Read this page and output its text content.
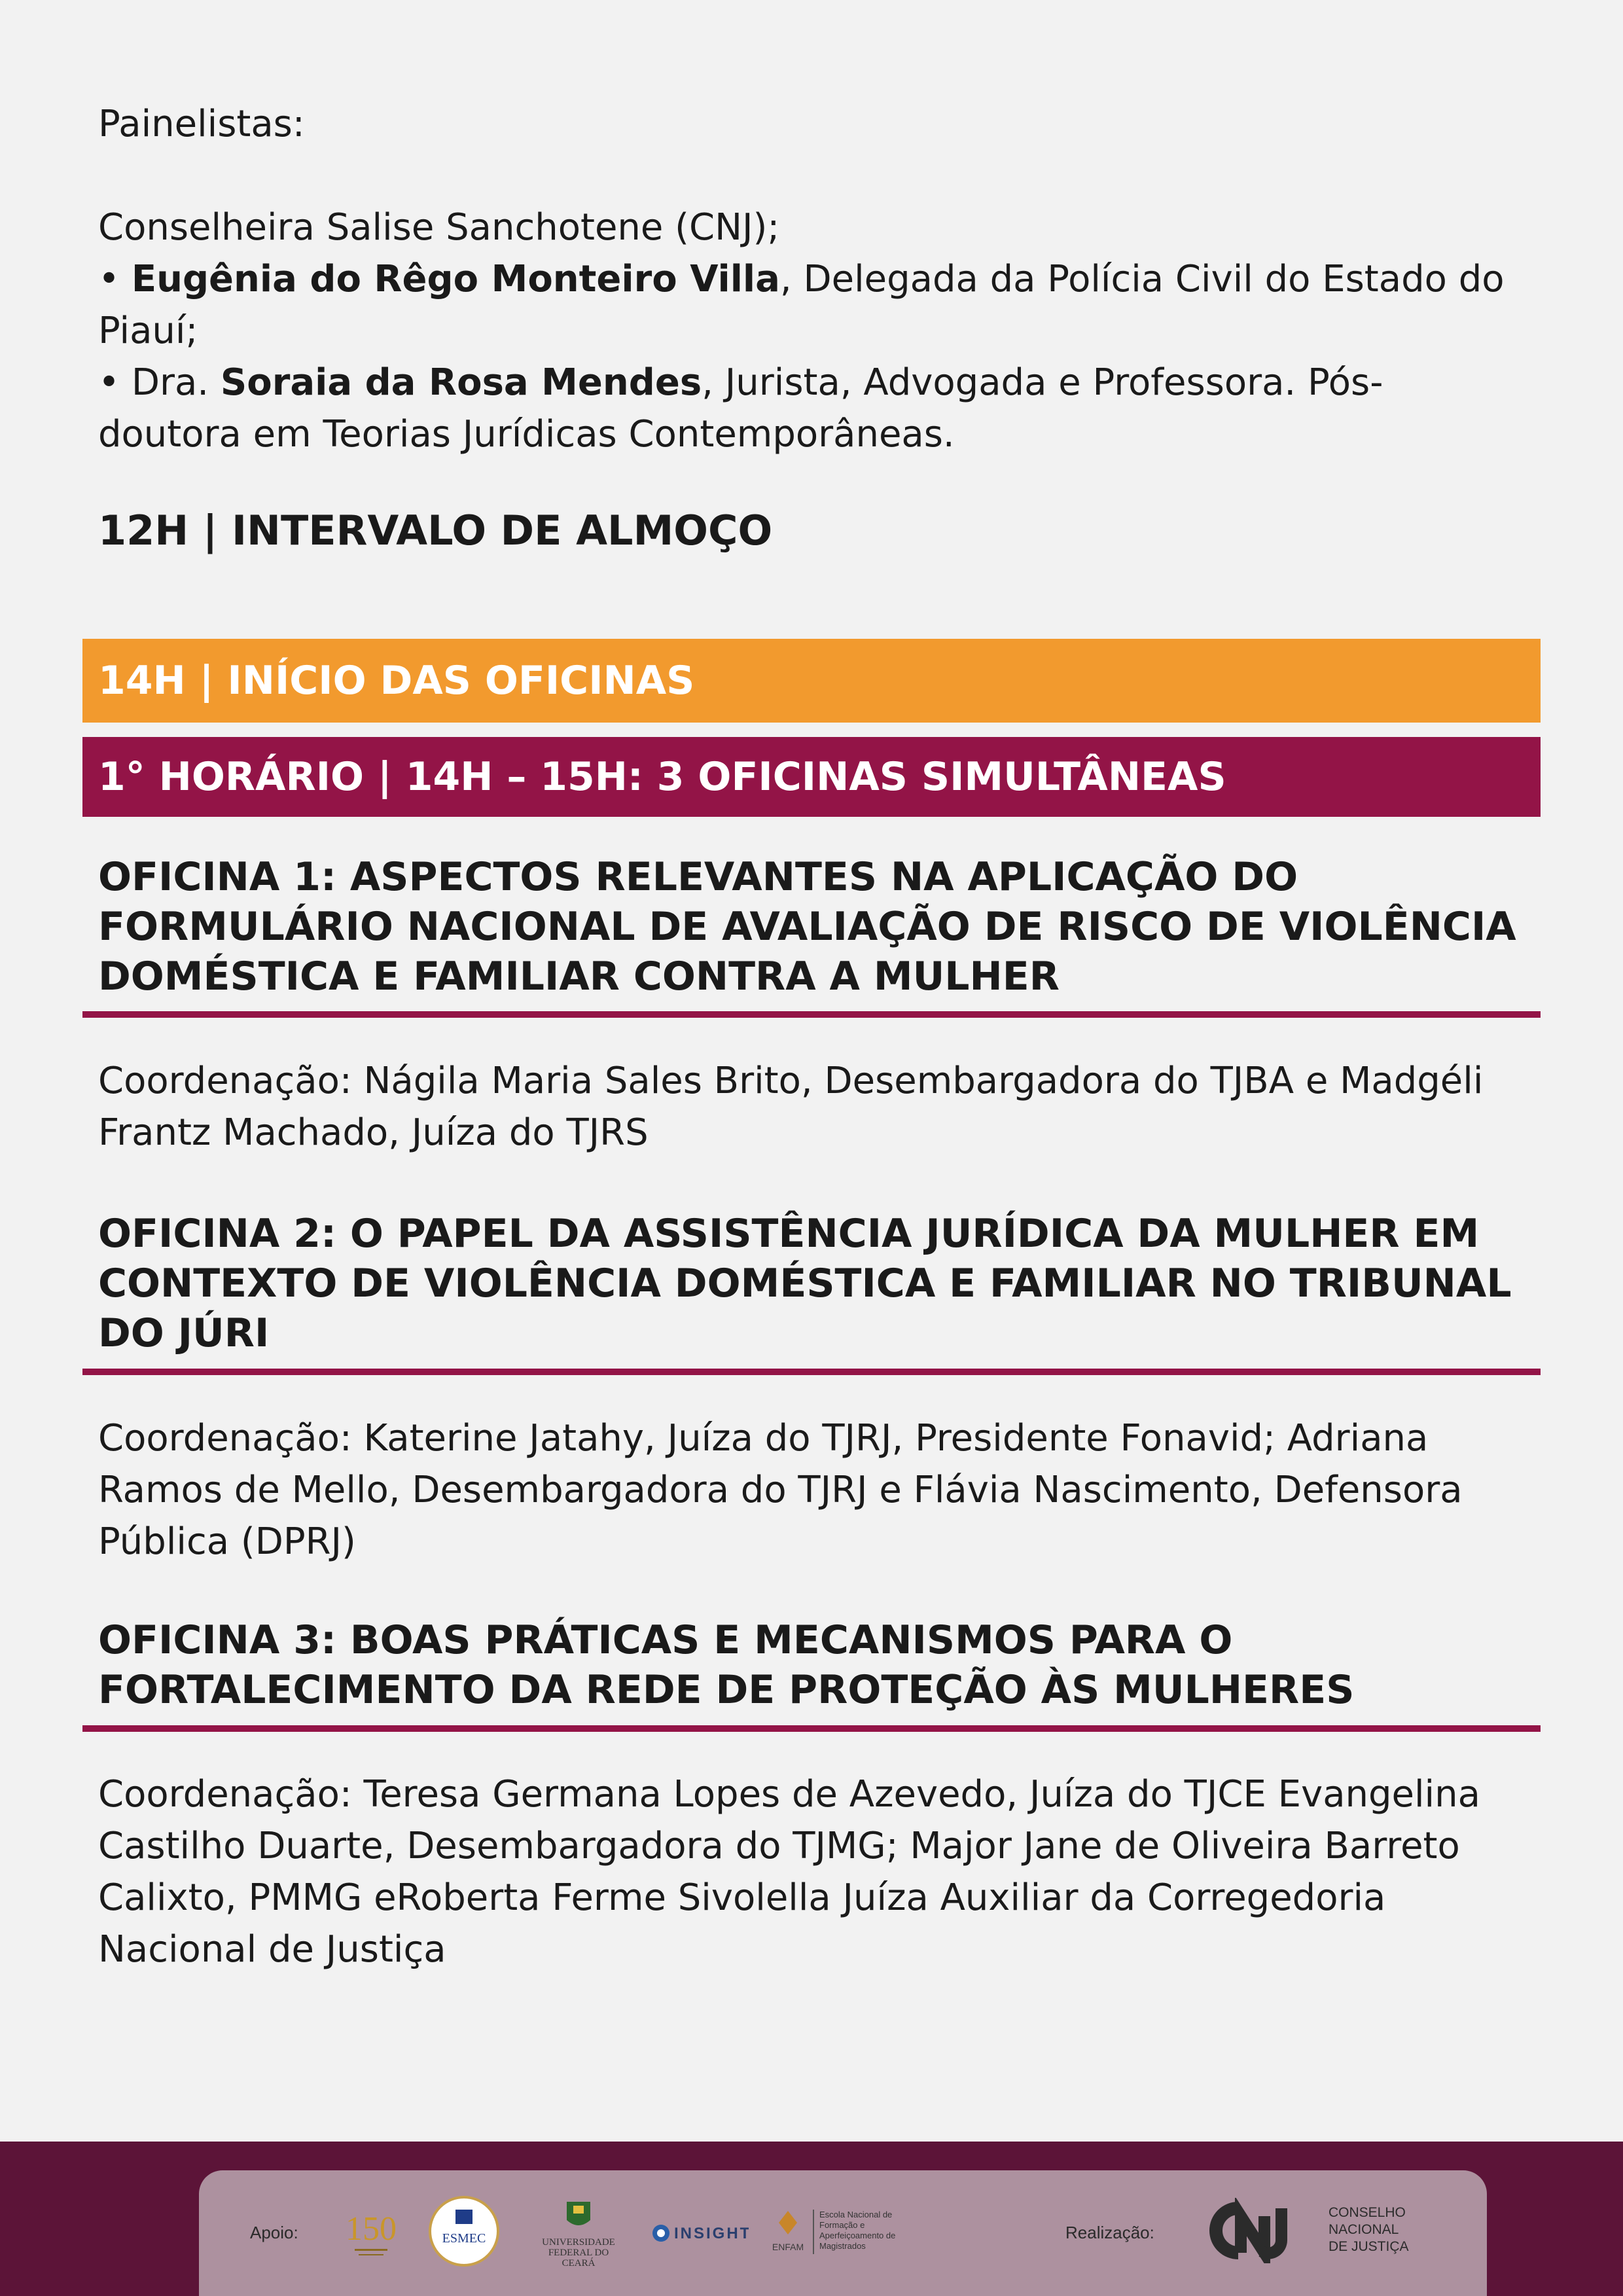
Painelistas:

Conselheira Salise Sanchotene (CNJ);

• Eugênia do Rêgo Monteiro Villa, Delegada da Polícia Civil do Estado do Piauí;

• Dra. Soraia da Rosa Mendes, Jurista, Advogada e Professora. Pós-doutora em Teorias Jurídicas Contemporâneas.

12H | INTERVALO DE ALMOÇO

14H | INÍCIO DAS OFICINAS
1° HORÁRIO | 14H – 15H: 3 OFICINAS SIMULTÂNEAS

OFICINA 1: ASPECTOS RELEVANTES NA APLICAÇÃO DO FORMULÁRIO NACIONAL DE AVALIAÇÃO DE RISCO DE VIOLÊNCIA DOMÉSTICA E FAMILIAR CONTRA A MULHER

Coordenação: Nágila Maria Sales Brito, Desembargadora do TJBA e Madgéli Frantz Machado, Juíza do TJRS

OFICINA 2: O PAPEL DA ASSISTÊNCIA JURÍDICA DA MULHER EM CONTEXTO DE VIOLÊNCIA DOMÉSTICA E FAMILIAR NO TRIBUNAL DO JÚRI

Coordenação: Katerine Jatahy, Juíza do TJRJ, Presidente Fonavid; Adriana Ramos de Mello, Desembargadora do TJRJ e Flávia Nascimento, Defensora Pública (DPRJ)

OFICINA 3: BOAS PRÁTICAS E MECANISMOS PARA O FORTALECIMENTO DA REDE DE PROTEÇÃO ÀS MULHERES

Coordenação: Teresa Germana Lopes de Azevedo, Juíza do TJCE Evangelina Castilho Duarte, Desembargadora do TJMG; Major Jane de Oliveira Barreto Calixto, PMMG eRoberta Ferme Sivolella Juíza Auxiliar da Corregedoria Nacional de Justiça

Apoio: 150	ESMEC	UNIVERSIDADE FEDERAL DO CEARÁ
INSIGHT
ENFAM
Escola Nacional de Formação e Aperfeiçoamento de Magistrados
Realização:
CONSELHO
NACIONAL
DE JUSTIÇA
